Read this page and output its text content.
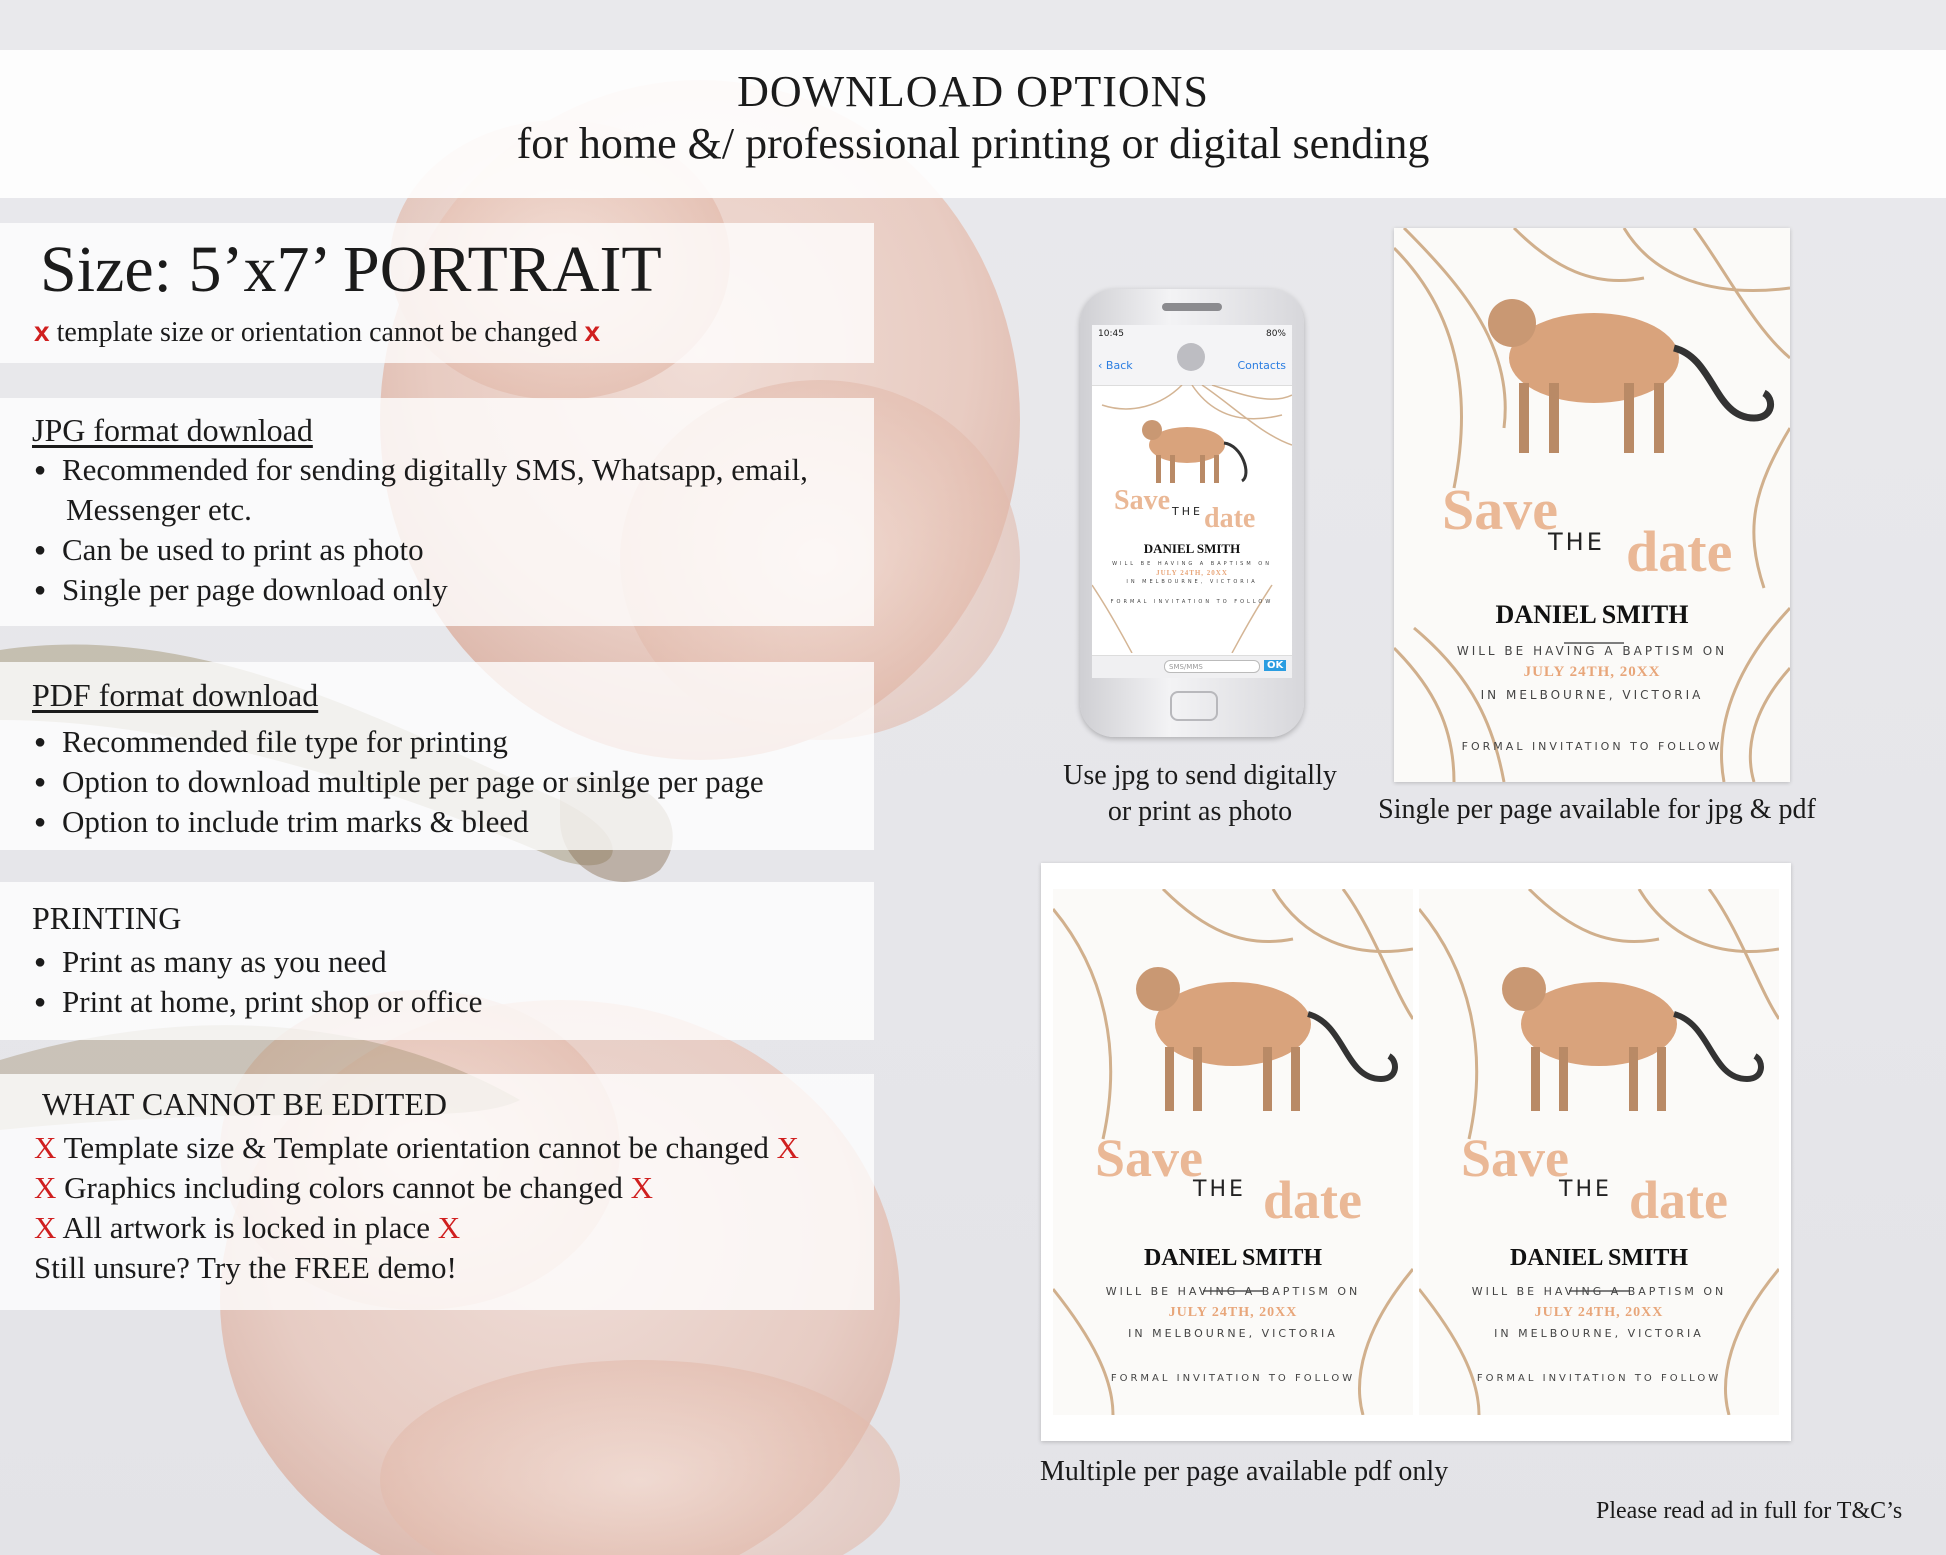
DOWNLOAD OPTIONS
for home &/ professional printing or digital sending
Size: 5’x7’ PORTRAIT
x template size or orientation cannot be changed x
JPG format download
● Recommended for sending digitally SMS, Whatsapp, email,
Messenger etc.
● Can be used to print as photo
● Single per page download only
PDF format download
● Recommended file type for printing
● Option to download multiple per page or sinlge per page
● Option to include trim marks & bleed
PRINTING
● Print as many as you need
● Print at home, print shop or office
WHAT CANNOT BE EDITED
X Template size & Template orientation cannot be changed X
X Graphics including colors cannot be changed X
X All artwork is locked in place X
Still unsure? Try the FREE demo!
10:45	80%
‹ Back	Contacts
Save THE date
DANIEL SMITH
WILL BE HAVING A BAPTISM ON
JULY 24TH, 20XX
IN MELBOURNE, VICTORIA
FORMAL INVITATION TO FOLLOW
SMS/MMS	OK
Use jpg to send digitally
or print as photo
Save
THE date
DANIEL SMITH
WILL BE HAVING A BAPTISM ON
JULY 24TH, 20XX
IN MELBOURNE, VICTORIA
FORMAL INVITATION TO FOLLOW
Single per page available for jpg & pdf
Save
THE date
DANIEL SMITH
WILL BE HAVING A BAPTISM ON
JULY 24TH, 20XX
IN MELBOURNE, VICTORIA
FORMAL INVITATION TO FOLLOW
Save
THE date
DANIEL SMITH
WILL BE HAVING A BAPTISM ON
JULY 24TH, 20XX
IN MELBOURNE, VICTORIA
FORMAL INVITATION TO FOLLOW
Multiple per page available pdf only
Please read ad in full for T&C’s
